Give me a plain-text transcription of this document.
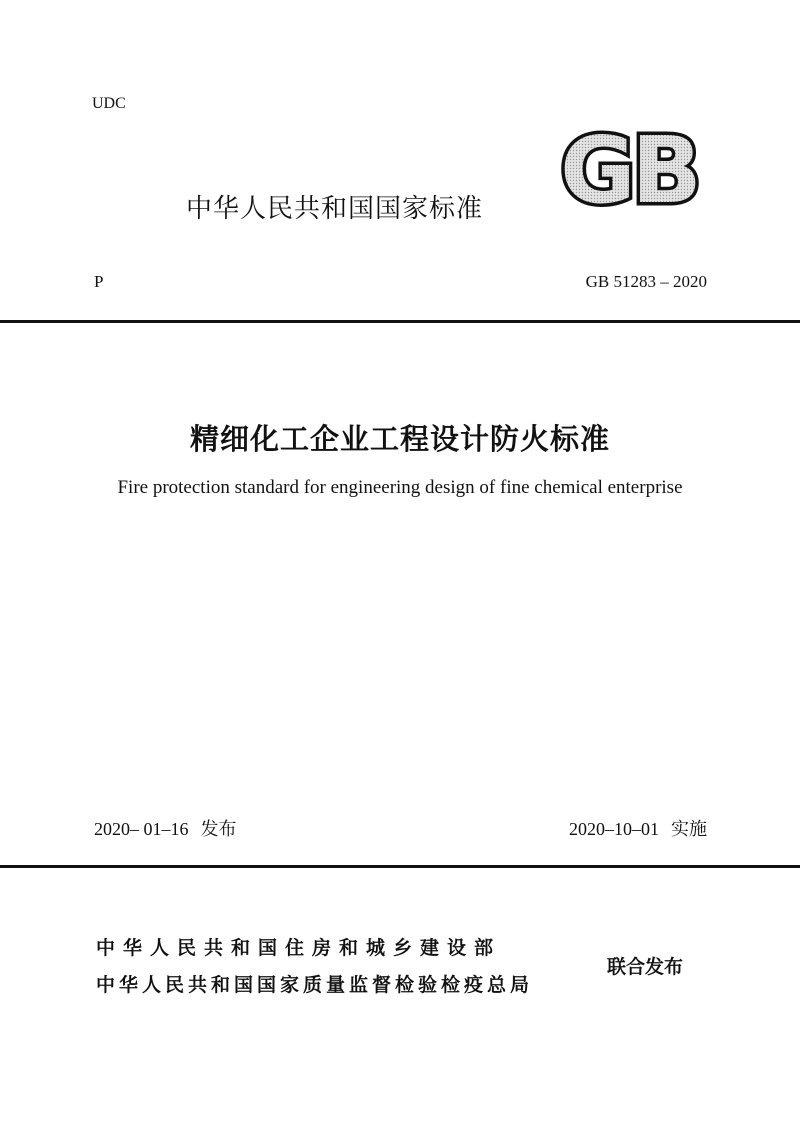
UDC
中华人民共和国国家标准 GB
P	GB 51283 – 2020
精细化工企业工程设计防火标准
Fire protection standard for engineering design of fine chemical enterprise
2020– 01–16 发布	2020–10–01 实施
中华人民共和国住房和城乡建设部
中华人民共和国国家质量监督检验检疫总局
联合发布
